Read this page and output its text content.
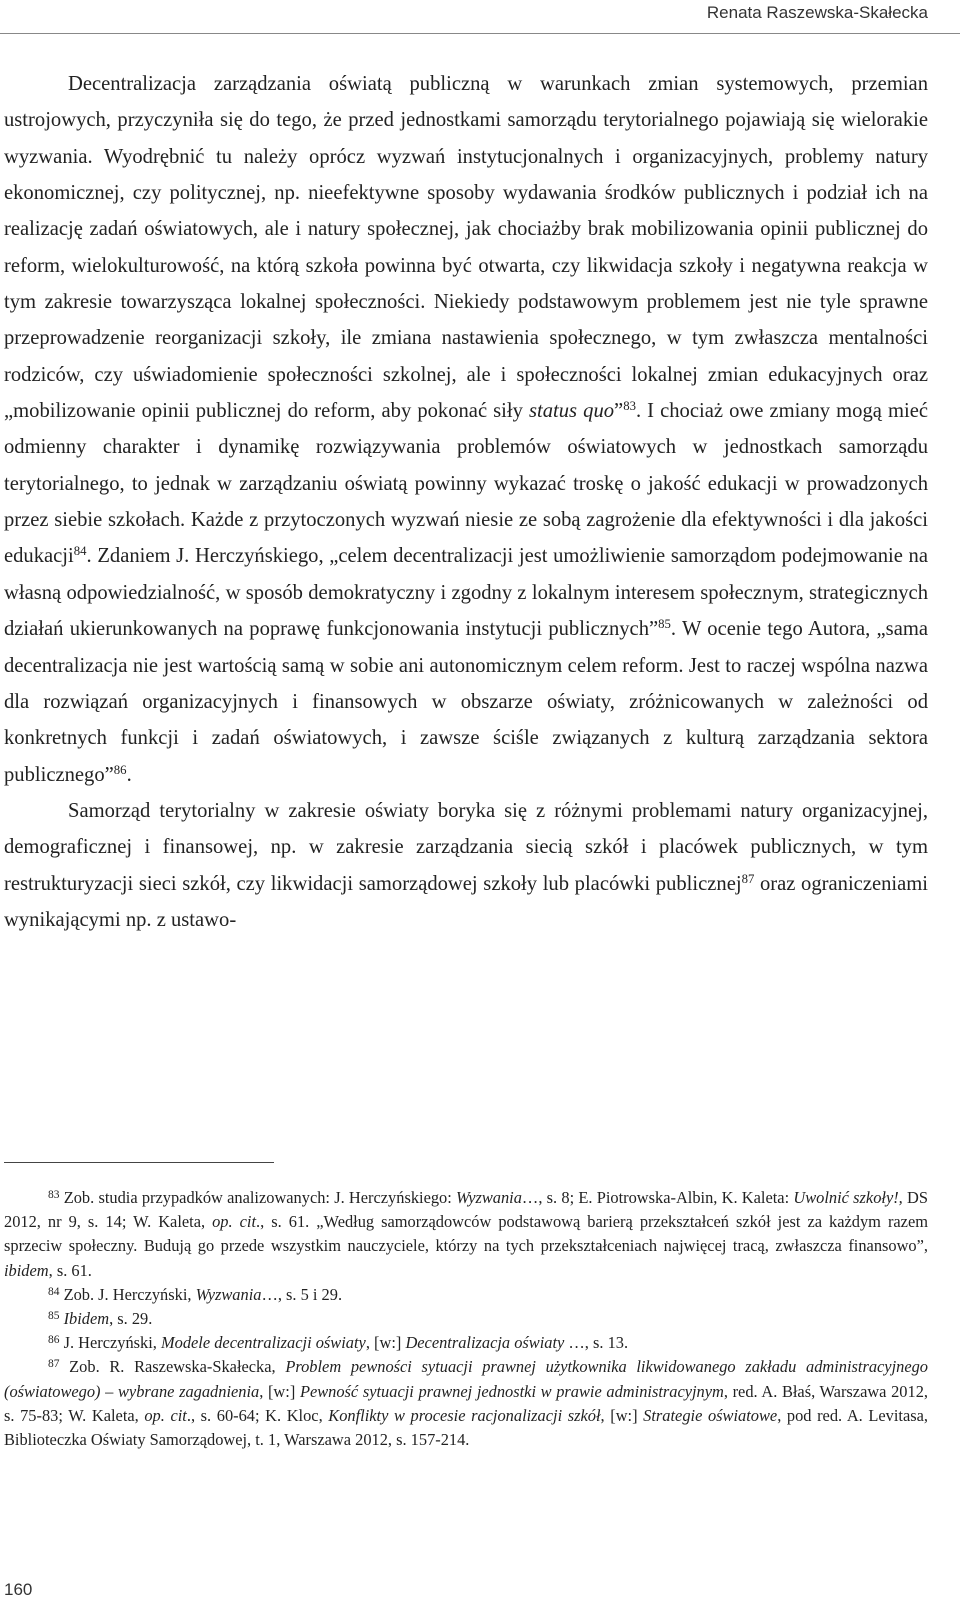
Renata Raszewska-Skałecka

Decentralizacja zarządzania oświatą publiczną w warunkach zmian systemowych, przemian ustrojowych, przyczyniła się do tego, że przed jednostkami samorządu terytorialnego pojawiają się wielorakie wyzwania. Wyodrębnić tu należy oprócz wyzwań instytucjonalnych i organizacyjnych, problemy natury ekonomicznej, czy politycznej, np. nieefektywne sposoby wydawania środków publicznych i podział ich na realizację zadań oświatowych, ale i natury społecznej, jak chociażby brak mobilizowania opinii publicznej do reform, wielokulturowość, na którą szkoła powinna być otwarta, czy likwidacja szkoły i negatywna reakcja w tym zakresie towarzysząca lokalnej społeczności. Niekiedy podstawowym problemem jest nie tyle sprawne przeprowadzenie reorganizacji szkoły, ile zmiana nastawienia społecznego, w tym zwłaszcza mentalności rodziców, czy uświadomienie społeczności szkolnej, ale i społeczności lokalnej zmian edukacyjnych oraz „mobilizowanie opinii publicznej do reform, aby pokonać siły status quo”$^{83}$. I chociaż owe zmiany mogą mieć odmienny charakter i dynamikę rozwiązywania problemów oświatowych w jednostkach samorządu terytorialnego, to jednak w zarządzaniu oświatą powinny wykazać troskę o jakość edukacji w prowadzonych przez siebie szkołach. Każde z przytoczonych wyzwań niesie ze sobą zagrożenie dla efektywności i dla jakości edukacji$^{84}$. Zdaniem J. Herczyńskiego, „celem decentralizacji jest umożliwienie samorządom podejmowanie na własną odpowiedzialność, w sposób demokratyczny i zgodny z lokalnym interesem społecznym, strategicznych działań ukierunkowanych na poprawę funkcjonowania instytucji publicznych”$^{85}$. W ocenie tego Autora, „sama decentralizacja nie jest wartością samą w sobie ani autonomicznym celem reform. Jest to raczej wspólna nazwa dla rozwiązań organizacyjnych i finansowych w obszarze oświaty, zróżnicowanych w zależności od konkretnych funkcji i zadań oświatowych, i zawsze ściśle związanych z kulturą zarządzania sektora publicznego”$^{86}$.

Samorząd terytorialny w zakresie oświaty boryka się z różnymi problemami natury organizacyjnej, demograficznej i finansowej, np. w zakresie zarządzania siecią szkół i placówek publicznych, w tym restrukturyzacji sieci szkół, czy likwidacji samorządowej szkoły lub placówki publicznej$^{87}$ oraz ograniczeniami wynikającymi np. z ustawo-

$^{83}$ Zob. studia przypadków analizowanych: J. Herczyńskiego: Wyzwania…, s. 8; E. Piotrowska-Albin, K. Kaleta: Uwolnić szkoły!, DS 2012, nr 9, s. 14; W. Kaleta, op. cit., s. 61. „Według samorządowców podstawową barierą przekształceń szkół jest za każdym razem sprzeciw społeczny. Budują go przede wszystkim nauczyciele, którzy na tych przekształceniach najwięcej tracą, zwłaszcza finansowo”, ibidem, s. 61.

$^{84}$ Zob. J. Herczyński, Wyzwania…, s. 5 i 29.

$^{85}$ Ibidem, s. 29.

$^{86}$ J. Herczyński, Modele decentralizacji oświaty, [w:] Decentralizacja oświaty …, s. 13.

$^{87}$ Zob. R. Raszewska-Skałecka, Problem pewności sytuacji prawnej użytkownika likwidowanego zakładu administracyjnego (oświatowego) – wybrane zagadnienia, [w:] Pewność sytuacji prawnej jednostki w prawie administracyjnym, red. A. Błaś, Warszawa 2012, s. 75-83; W. Kaleta, op. cit., s. 60-64; K. Kloc, Konflikty w procesie racjonalizacji szkół, [w:] Strategie oświatowe, pod red. A. Levitasa, Biblioteczka Oświaty Samorządowej, t. 1, Warszawa 2012, s. 157-214.

160
